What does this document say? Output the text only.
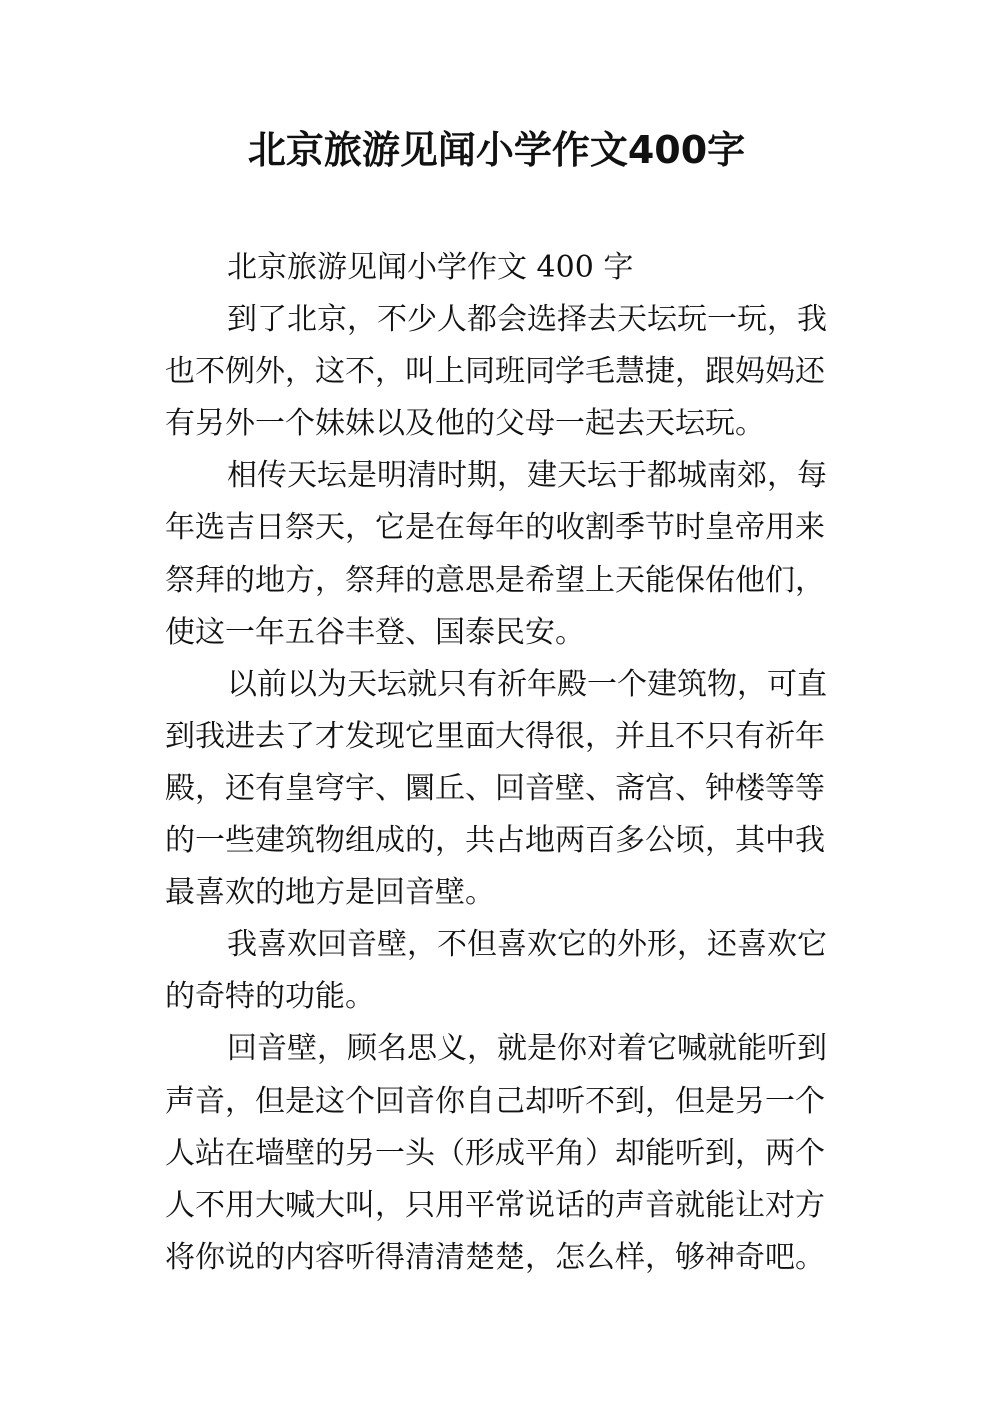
北京旅游见闻小学作文400字
北京旅游见闻小学作文 400 字
到了北京，不少人都会选择去天坛玩一玩，我
也不例外，这不，叫上同班同学毛慧捷，跟妈妈还
有另外一个妹妹以及他的父母一起去天坛玩。
相传天坛是明清时期，建天坛于都城南郊，每
年选吉日祭天，它是在每年的收割季节时皇帝用来
祭拜的地方，祭拜的意思是希望上天能保佑他们，
使这一年五谷丰登、国泰民安。
以前以为天坛就只有祈年殿一个建筑物，可直
到我进去了才发现它里面大得很，并且不只有祈年
殿，还有皇穹宇、圜丘、回音壁、斋宫、钟楼等等
的一些建筑物组成的，共占地两百多公顷，其中我
最喜欢的地方是回音壁。
我喜欢回音壁，不但喜欢它的外形，还喜欢它
的奇特的功能。
回音壁，顾名思义，就是你对着它喊就能听到
声音，但是这个回音你自己却听不到，但是另一个
人站在墙壁的另一头（形成平角）却能听到，两个
人不用大喊大叫，只用平常说话的声音就能让对方
将你说的内容听得清清楚楚，怎么样，够神奇吧。
